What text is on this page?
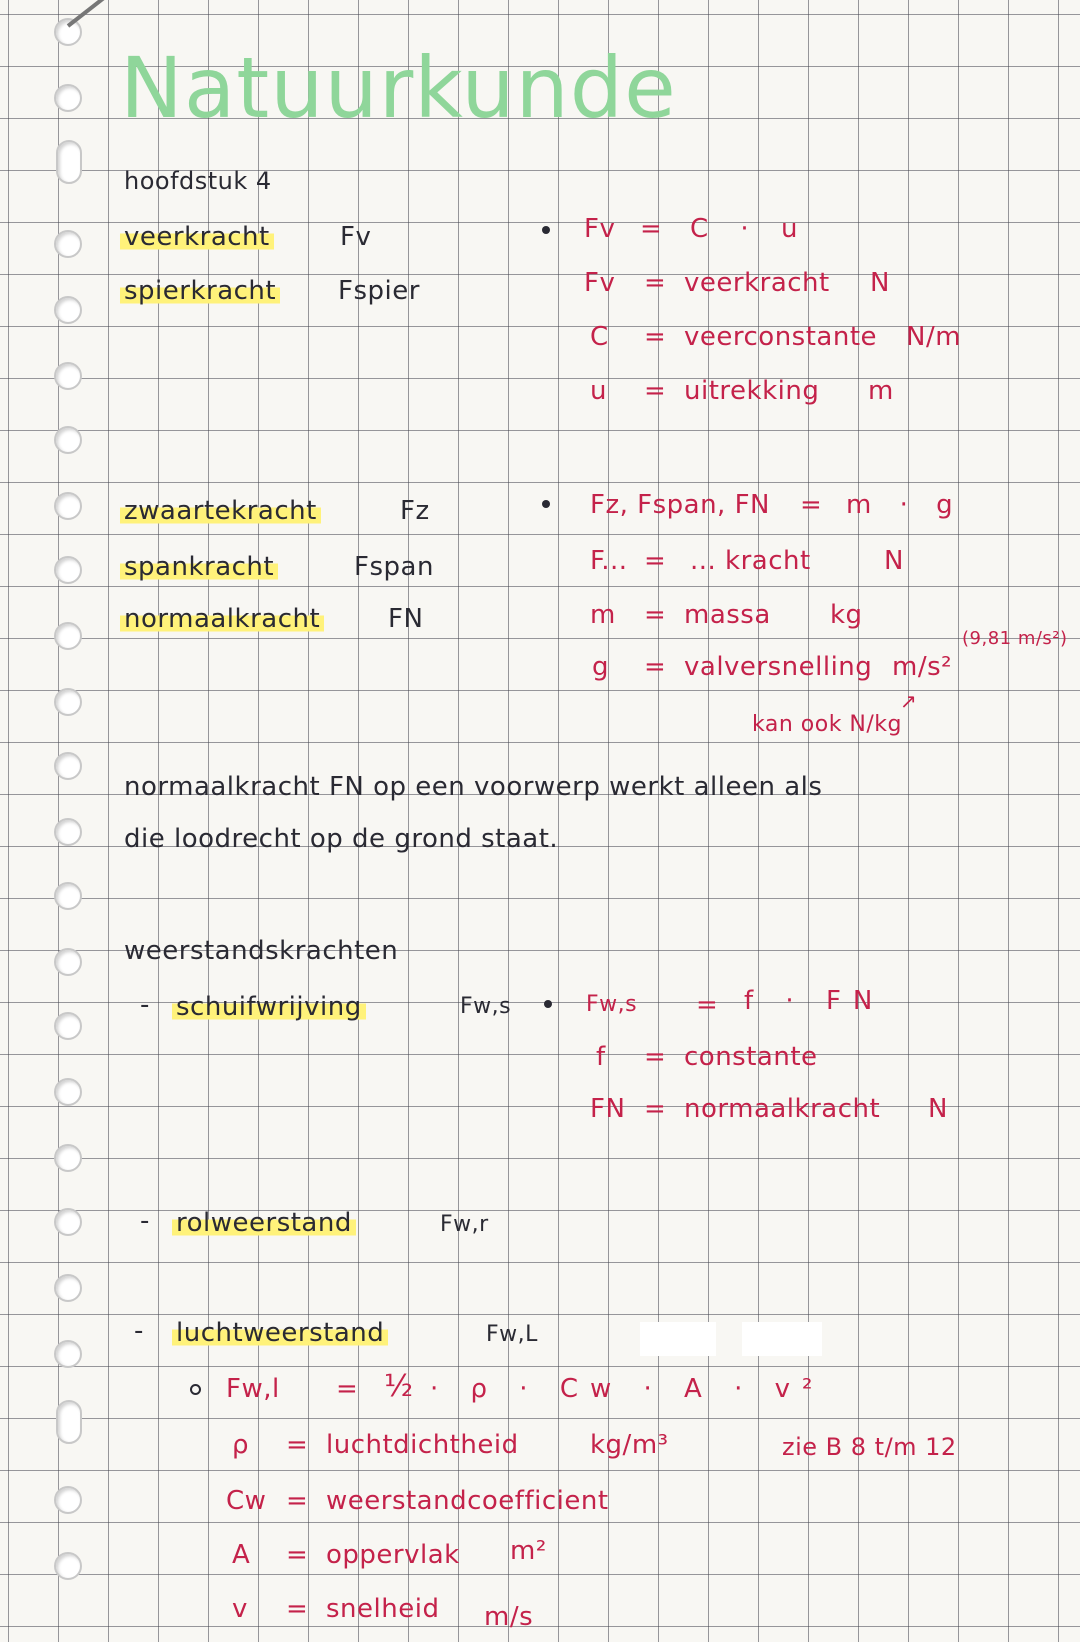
Natuurkunde
hoofdstuk 4
veerkracht	Fv
spierkracht Fspier
Fv = C · u
Fv = veerkracht N
C = veerconstante N/m
u = uitrekking m
zwaartekracht	Fz
spankracht	Fspan
normaalkracht	FN
Fz, Fspan, FN = m · g
F... = ... kracht	N
m = massa kg
g = valversnelling m/s²
(9,81 m/s²)
↗
kan ook N/kg
normaalkracht FN op een voorwerp werkt alleen als
die loodrecht op de grond staat.
weerstandskrachten
- schuifwrijving	Fw,s	Fw,s = f · FN
f = constante
FN = normaalkracht N
- rolweerstand	Fw,r
- luchtweerstand	Fw,L
Fw,l = ½ · ρ · Cw · A · v²
ρ = luchtdichtheid	kg/m³	zie B 8 t/m 12
Cw = weerstandcoefficient
A = oppervlak m²
v = snelheid m/s
